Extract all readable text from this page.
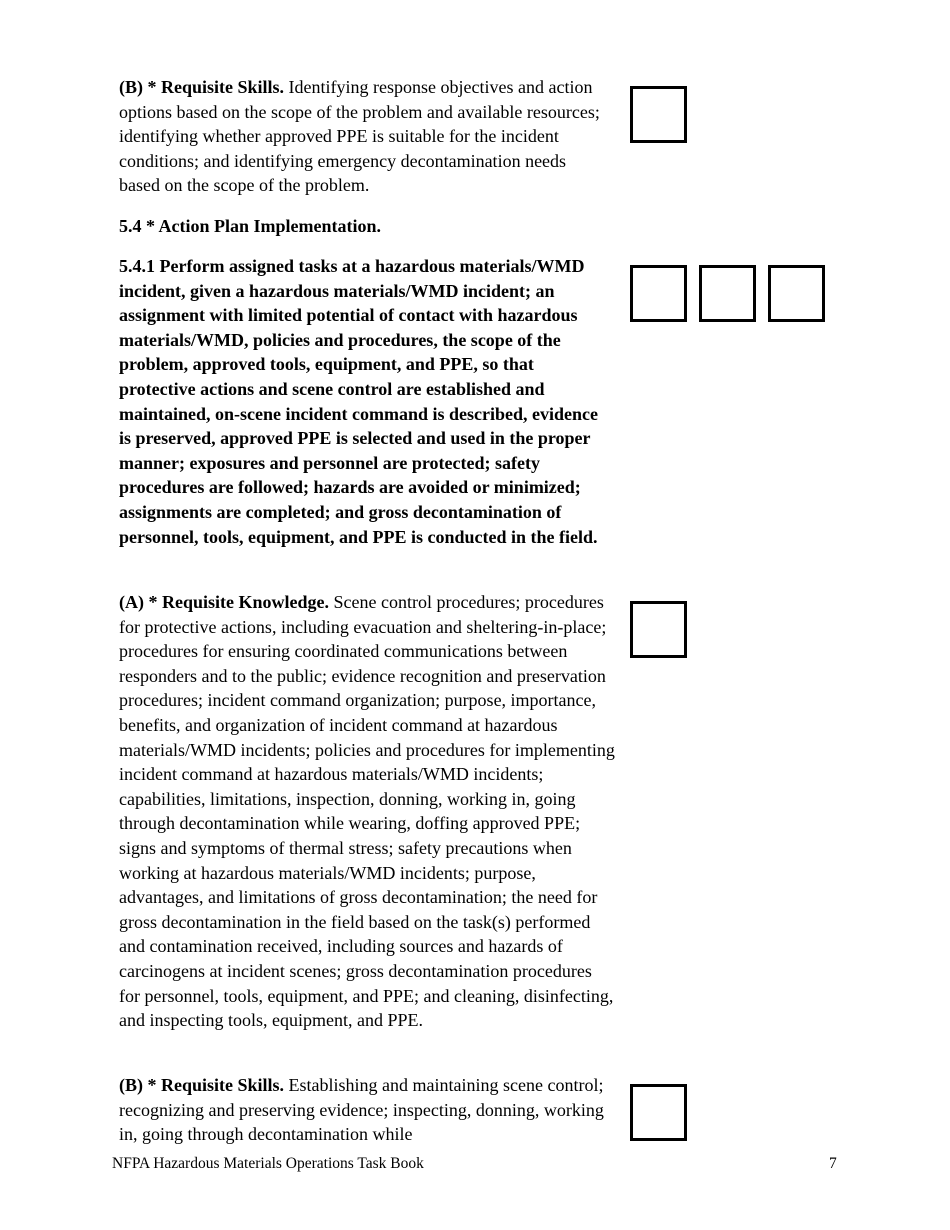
(B) * Requisite Skills. Identifying response objectives and action options based on the scope of the problem and available resources; identifying whether approved PPE is suitable for the incident conditions; and identifying emergency decontamination needs based on the scope of the problem.
5.4 * Action Plan Implementation.
5.4.1 Perform assigned tasks at a hazardous materials/WMD incident, given a hazardous materials/WMD incident; an assignment with limited potential of contact with hazardous materials/WMD, policies and procedures, the scope of the problem, approved tools, equipment, and PPE, so that protective actions and scene control are established and maintained, on-scene incident command is described, evidence is preserved, approved PPE is selected and used in the proper manner; exposures and personnel are protected; safety procedures are followed; hazards are avoided or minimized; assignments are completed; and gross decontamination of personnel, tools, equipment, and PPE is conducted in the field.
(A) * Requisite Knowledge. Scene control procedures; procedures for protective actions, including evacuation and sheltering-in-place; procedures for ensuring coordinated communications between responders and to the public; evidence recognition and preservation procedures; incident command organization; purpose, importance, benefits, and organization of incident command at hazardous materials/WMD incidents; policies and procedures for implementing incident command at hazardous materials/WMD incidents; capabilities, limitations, inspection, donning, working in, going through decontamination while wearing, doffing approved PPE; signs and symptoms of thermal stress; safety precautions when working at hazardous materials/WMD incidents; purpose, advantages, and limitations of gross decontamination; the need for gross decontamination in the field based on the task(s) performed and contamination received, including sources and hazards of carcinogens at incident scenes; gross decontamination procedures for personnel, tools, equipment, and PPE; and cleaning, disinfecting, and inspecting tools, equipment, and PPE.
(B) * Requisite Skills. Establishing and maintaining scene control; recognizing and preserving evidence; inspecting, donning, working in, going through decontamination while
NFPA Hazardous Materials Operations Task Book	7
